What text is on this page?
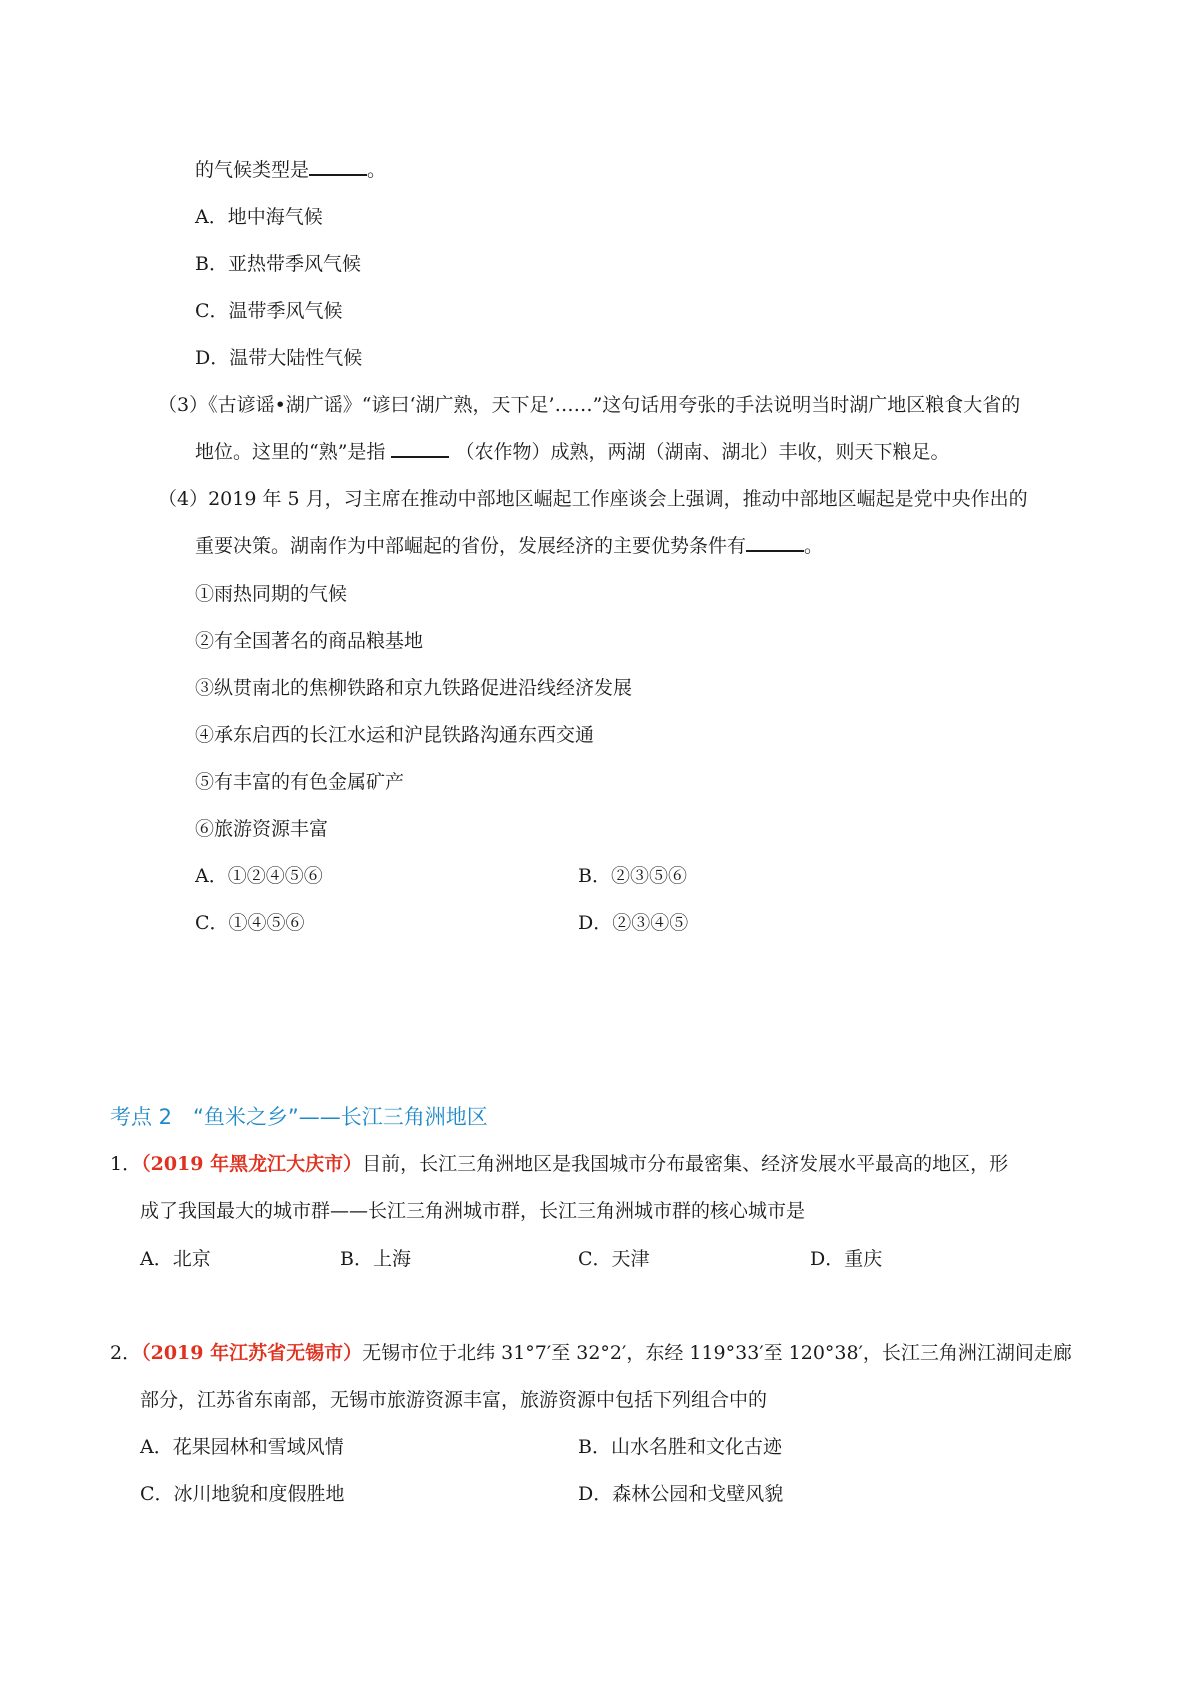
的气候类型是	。
A．地中海气候
B．亚热带季风气候
C．温带季风气候
D．温带大陆性气候
（3）《古谚谣•湖广谣》“谚曰‘湖广熟，天下足’……”这句话用夸张的手法说明当时湖广地区粮食大省的
地位。这里的“熟”是指	（农作物）成熟，两湖（湖南、湖北）丰收，则天下粮足。
（4）2019 年 5 月，习主席在推动中部地区崛起工作座谈会上强调，推动中部地区崛起是党中央作出的
重要决策。湖南作为中部崛起的省份，发展经济的主要优势条件有	。
①雨热同期的气候
②有全国著名的商品粮基地
③纵贯南北的焦柳铁路和京九铁路促进沿线经济发展
④承东启西的长江水运和沪昆铁路沟通东西交通
⑤有丰富的有色金属矿产
⑥旅游资源丰富
A．①②④⑤⑥	B．②③⑤⑥
C．①④⑤⑥	D．②③④⑤
考点 2　“鱼米之乡”——长江三角洲地区
1．（2019 年黑龙江大庆市）目前，长江三角洲地区是我国城市分布最密集、经济发展水平最高的地区，形
成了我国最大的城市群——长江三角洲城市群，长江三角洲城市群的核心城市是
A．北京	B．上海	C．天津	D．重庆
2．（2019 年江苏省无锡市）无锡市位于北纬 31°7′至 32°2′，东经 119°33′至 120°38′，长江三角洲江湖间走廊
部分，江苏省东南部，无锡市旅游资源丰富，旅游资源中包括下列组合中的
A．花果园林和雪域风情	B．山水名胜和文化古迹
C．冰川地貌和度假胜地	D．森林公园和戈壁风貌
